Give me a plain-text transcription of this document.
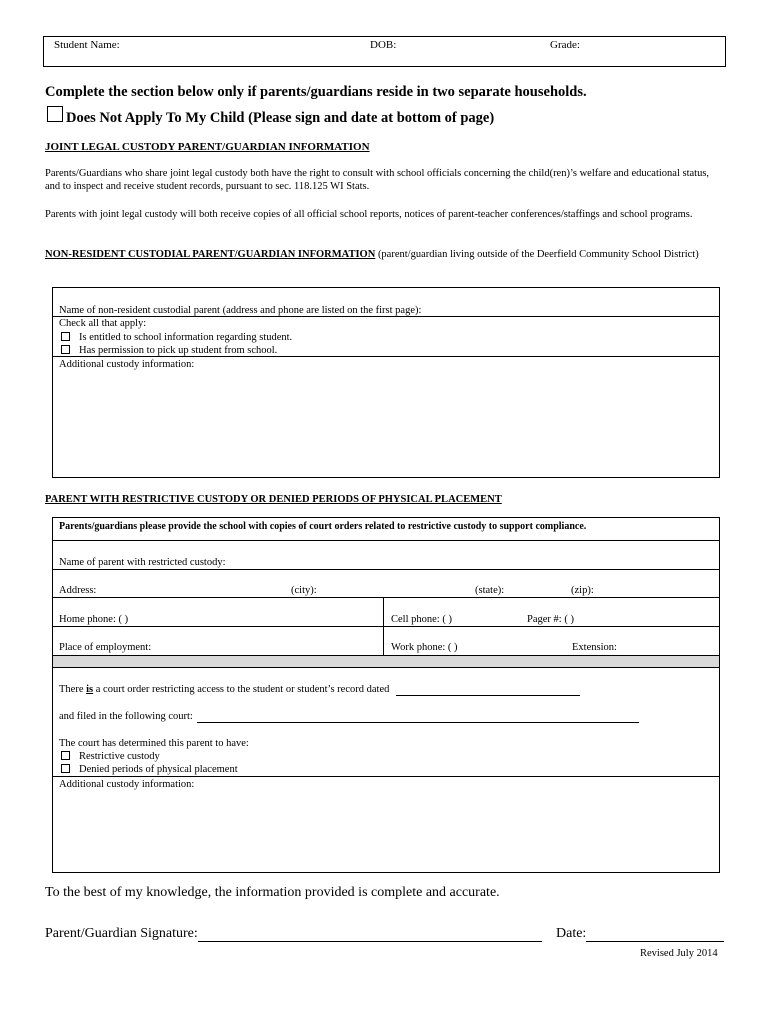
Student Name:	DOB:	Grade:
Complete the section below only if parents/guardians reside in two separate households.
Does Not Apply To My Child (Please sign and date at bottom of page)
JOINT LEGAL CUSTODY PARENT/GUARDIAN INFORMATION
Parents/Guardians who share joint legal custody both have the right to consult with school officials concerning the child(ren)’s welfare and educational status, and to inspect and receive student records, pursuant to sec. 118.125 WI Stats.
Parents with joint legal custody will both receive copies of all official school reports, notices of parent-teacher conferences/staffings and school programs.
NON-RESIDENT CUSTODIAL PARENT/GUARDIAN INFORMATION (parent/guardian living outside of the Deerfield Community School District)
Name of non-resident custodial parent (address and phone are listed on the first page):
Check all that apply:
Is entitled to school information regarding student.
Has permission to pick up student from school.
Additional custody information:
PARENT WITH RESTRICTIVE CUSTODY OR DENIED PERIODS OF PHYSICAL PLACEMENT
Parents/guardians please provide the school with copies of court orders related to restrictive custody to support compliance.
Name of parent with restricted custody:
Address:	(city):	(state):	(zip):
Home phone: ( )	Cell phone: ( )	Pager #: ( )
Place of employment:	Work phone: ( )	Extension:
There is a court order restricting access to the student or student’s record dated
and filed in the following court:
The court has determined this parent to have:
Restrictive custody
Denied periods of physical placement
Additional custody information:
To the best of my knowledge, the information provided is complete and accurate.
Parent/Guardian Signature:	Date:
Revised July 2014
